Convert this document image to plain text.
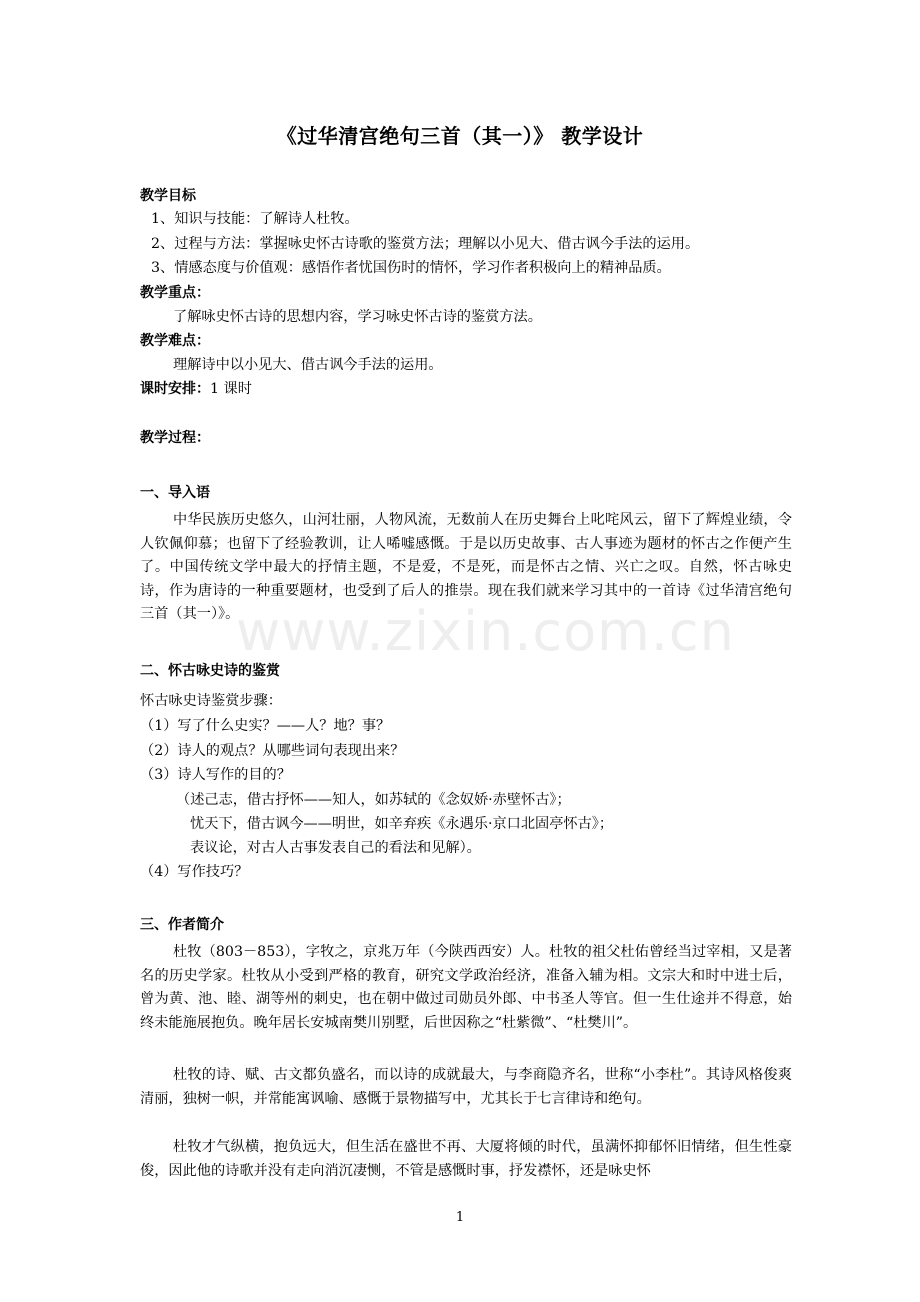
《过华清宫绝句三首（其一）》 教学设计
教学目标
1、知识与技能：了解诗人杜牧。
2、过程与方法：掌握咏史怀古诗歌的鉴赏方法；理解以小见大、借古讽今手法的运用。
3、情感态度与价值观：感悟作者忧国伤时的情怀，学习作者积极向上的精神品质。
教学重点：
了解咏史怀古诗的思想内容，学习咏史怀古诗的鉴赏方法。
教学难点：
理解诗中以小见大、借古讽今手法的运用。
课时安排：1 课时
教学过程：
一、导入语

中华民族历史悠久，山河壮丽，人物风流，无数前人在历史舞台上叱咤风云，留下了辉煌业绩，令人钦佩仰慕；也留下了经验教训，让人唏嘘感慨。于是以历史故事、古人事迹为题材的怀古之作便产生了。中国传统文学中最大的抒情主题，不是爱，不是死，而是怀古之情、兴亡之叹。自然，怀古咏史诗，作为唐诗的一种重要题材，也受到了后人的推崇。现在我们就来学习其中的一首诗《过华清宫绝句三首（其一）》。

二、怀古咏史诗的鉴赏
怀古咏史诗鉴赏步骤：
（1）写了什么史实？——人？地？事？
（2）诗人的观点？从哪些词句表现出来？
（3）诗人写作的目的？
（述己志，借古抒怀——知人，如苏轼的《念奴娇·赤壁怀古》；
忧天下，借古讽今——明世，如辛弃疾《永遇乐·京口北固亭怀古》；
表议论，对古人古事发表自己的看法和见解）。
（4）写作技巧？
三、作者简介

杜牧（803－853），字牧之，京兆万年（今陕西西安）人。杜牧的祖父杜佑曾经当过宰相，又是著名的历史学家。杜牧从小受到严格的教育，研究文学政治经济，准备入辅为相。文宗大和时中进士后，曾为黄、池、睦、湖等州的刺史，也在朝中做过司勋员外郎、中书圣人等官。但一生仕途并不得意，始终未能施展抱负。晚年居长安城南樊川别墅，后世因称之“杜紫微”、“杜樊川”。

杜牧的诗、赋、古文都负盛名，而以诗的成就最大，与李商隐齐名，世称“小李杜”。其诗风格俊爽清丽，独树一帜，并常能寓讽喻、感慨于景物描写中，尤其长于七言律诗和绝句。

杜牧才气纵横，抱负远大，但生活在盛世不再、大厦将倾的时代，虽满怀抑郁怀旧情绪，但生性豪俊，因此他的诗歌并没有走向消沉凄恻，不管是感慨时事，抒发襟怀，还是咏史怀

www.zixin.com.cn
1
